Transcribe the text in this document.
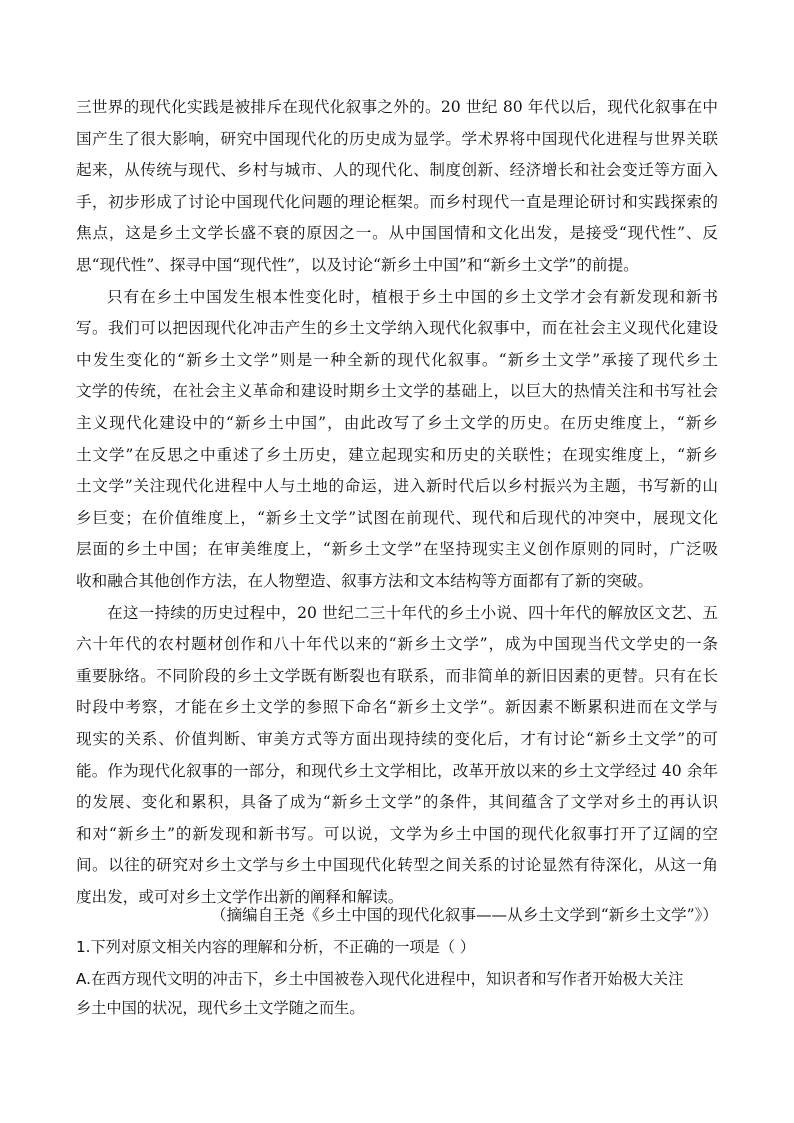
三世界的现代化实践是被排斥在现代化叙事之外的。20 世纪 80 年代以后，现代化叙事在中
国产生了很大影响，研究中国现代化的历史成为显学。学术界将中国现代化进程与世界关联
起来，从传统与现代、乡村与城市、人的现代化、制度创新、经济增长和社会变迁等方面入
手，初步形成了讨论中国现代化问题的理论框架。而乡村现代一直是理论研讨和实践探索的
焦点，这是乡土文学长盛不衰的原因之一。从中国国情和文化出发，是接受“现代性”、反
思“现代性”、探寻中国“现代性”，以及讨论“新乡土中国”和“新乡土文学”的前提。
只有在乡土中国发生根本性变化时，植根于乡土中国的乡土文学才会有新发现和新书
写。我们可以把因现代化冲击产生的乡土文学纳入现代化叙事中，而在社会主义现代化建设
中发生变化的“新乡土文学”则是一种全新的现代化叙事。“新乡土文学”承接了现代乡土
文学的传统，在社会主义革命和建设时期乡土文学的基础上，以巨大的热情关注和书写社会
主义现代化建设中的“新乡土中国”，由此改写了乡土文学的历史。在历史维度上，“新乡
土文学”在反思之中重述了乡土历史，建立起现实和历史的关联性；在现实维度上，“新乡
土文学”关注现代化进程中人与土地的命运，进入新时代后以乡村振兴为主题，书写新的山
乡巨变；在价值维度上，“新乡土文学”试图在前现代、现代和后现代的冲突中，展现文化
层面的乡土中国；在审美维度上，“新乡土文学”在坚持现实主义创作原则的同时，广泛吸
收和融合其他创作方法，在人物塑造、叙事方法和文本结构等方面都有了新的突破。
在这一持续的历史过程中，20 世纪二三十年代的乡土小说、四十年代的解放区文艺、五
六十年代的农村题材创作和八十年代以来的“新乡土文学”，成为中国现当代文学史的一条
重要脉络。不同阶段的乡土文学既有断裂也有联系，而非简单的新旧因素的更替。只有在长
时段中考察，才能在乡土文学的参照下命名“新乡土文学”。新因素不断累积进而在文学与
现实的关系、价值判断、审美方式等方面出现持续的变化后，才有讨论“新乡土文学”的可
能。作为现代化叙事的一部分，和现代乡土文学相比，改革开放以来的乡土文学经过 40 余年
的发展、变化和累积，具备了成为“新乡土文学”的条件，其间蕴含了文学对乡土的再认识
和对“新乡土”的新发现和新书写。可以说，文学为乡土中国的现代化叙事打开了辽阔的空
间。以往的研究对乡土文学与乡土中国现代化转型之间关系的讨论显然有待深化，从这一角
度出发，或可对乡土文学作出新的阐释和解读。
（摘编自王尧《乡土中国的现代化叙事——从乡土文学到“新乡土文学”》）
1.下列对原文相关内容的理解和分析，不正确的一项是（ ）
A.在西方现代文明的冲击下，乡土中国被卷入现代化进程中，知识者和写作者开始极大关注
乡土中国的状况，现代乡土文学随之而生。
